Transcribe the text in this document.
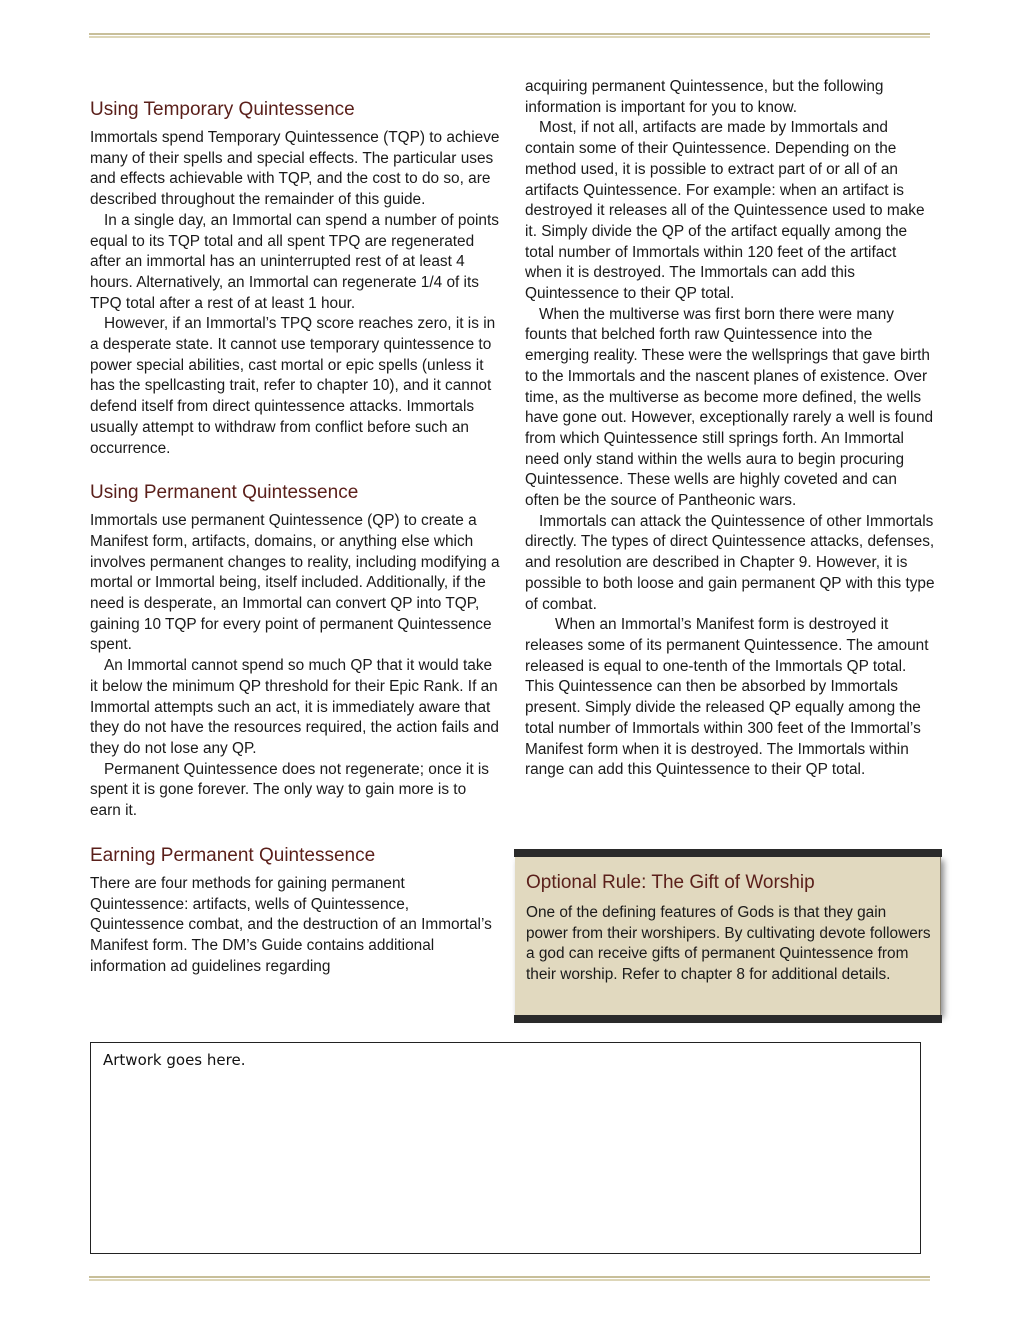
Using Temporary Quintessence

Immortals spend Temporary Quintessence (TQP) to achieve many of their spells and special effects. The particular uses and effects achievable with TQP, and the cost to do so, are described throughout the remainder of this guide.

In a single day, an Immortal can spend a number of points equal to its TQP total and all spent TPQ are regenerated after an immortal has an uninterrupted rest of at least 4 hours. Alternatively, an Immortal can regenerate 1/4 of its TPQ total after a rest of at least 1 hour.

However, if an Immortal’s TPQ score reaches zero, it is in a desperate state. It cannot use temporary quintessence to power special abilities, cast mortal or epic spells (unless it has the spellcasting trait, refer to chapter 10), and it cannot defend itself from direct quintessence attacks. Immortals usually attempt to withdraw from conflict before such an occurrence.

Using Permanent Quintessence

Immortals use permanent Quintessence (QP) to create a Manifest form, artifacts, domains, or anything else which involves permanent changes to reality, including modifying a mortal or Immortal being, itself included. Additionally, if the need is desperate, an Immortal can convert QP into TQP, gaining 10 TQP for every point of permanent Quintessence spent.

An Immortal cannot spend so much QP that it would take it below the minimum QP threshold for their Epic Rank. If an Immortal attempts such an act, it is immediately aware that they do not have the resources required, the action fails and they do not lose any QP.

Permanent Quintessence does not regenerate; once it is spent it is gone forever. The only way to gain more is to earn it.

Earning Permanent Quintessence

There are four methods for gaining permanent Quintessence: artifacts, wells of Quintessence, Quintessence combat, and the destruction of an Immortal’s Manifest form. The DM’s Guide contains additional information ad guidelines regarding

acquiring permanent Quintessence, but the following information is important for you to know.

Most, if not all, artifacts are made by Immortals and contain some of their Quintessence. Depending on the method used, it is possible to extract part of or all of an artifacts Quintessence. For example: when an artifact is destroyed it releases all of the Quintessence used to make it. Simply divide the QP of the artifact equally among the total number of Immortals within 120 feet of the artifact when it is destroyed. The Immortals can add this Quintessence to their QP total.

When the multiverse was first born there were many founts that belched forth raw Quintessence into the emerging reality. These were the wellsprings that gave birth to the Immortals and the nascent planes of existence. Over time, as the multiverse as become more defined, the wells have gone out. However, exceptionally rarely a well is found from which Quintessence still springs forth. An Immortal need only stand within the wells aura to begin procuring Quintessence. These wells are highly coveted and can often be the source of Pantheonic wars.

Immortals can attack the Quintessence of other Immortals directly. The types of direct Quintessence attacks, defenses, and resolution are described in Chapter 9. However, it is possible to both loose and gain permanent QP with this type of combat.

When an Immortal’s Manifest form is destroyed it releases some of its permanent Quintessence. The amount released is equal to one-tenth of the Immortals QP total. This Quintessence can then be absorbed by Immortals present. Simply divide the released QP equally among the total number of Immortals within 300 feet of the Immortal’s Manifest form when it is destroyed. The Immortals within range can add this Quintessence to their QP total.

Optional Rule: The Gift of Worship
One of the defining features of Gods is that they gain power from their worshipers. By cultivating devote followers a god can receive gifts of permanent Quintessence from their worship. Refer to chapter 8 for additional details.
Artwork goes here.
